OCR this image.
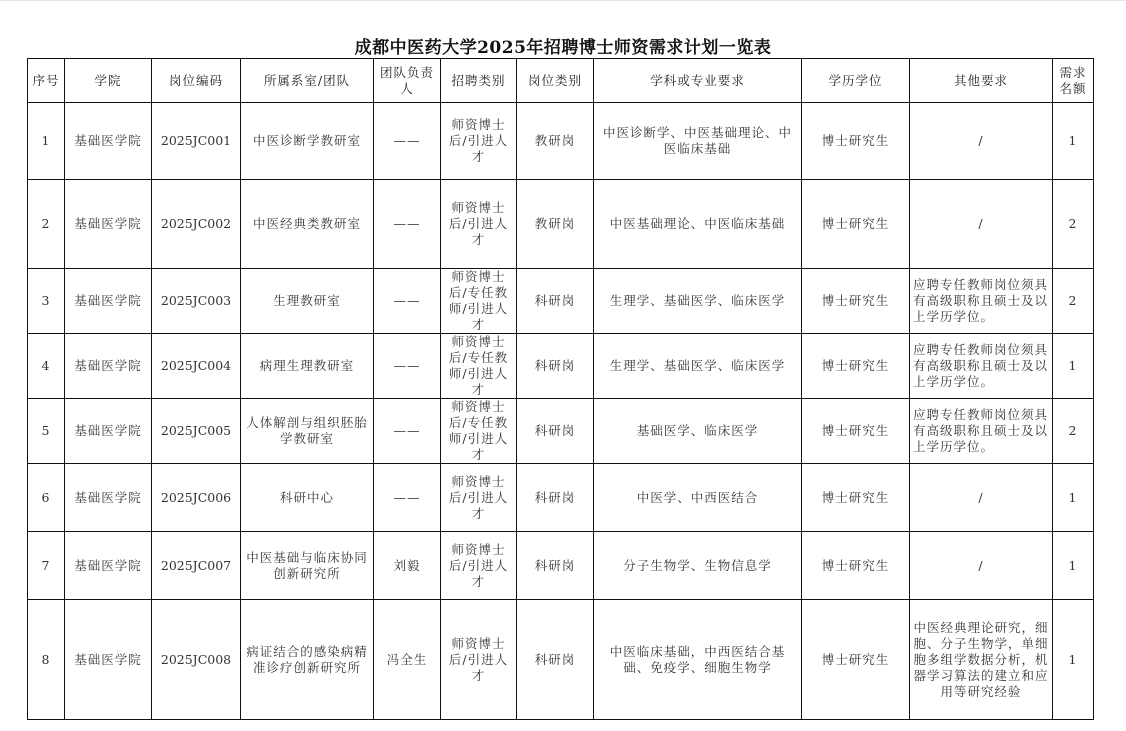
成都中医药大学2025年招聘博士师资需求计划一览表
序号	学院	岗位编码	所属系室/团队	团队负责人	招聘类别	岗位类别	学科或专业要求	学历学位	其他要求	需求名额
1	基础医学院	2025JC001	中医诊断学教研室	——	师资博士后/引进人才	教研岗	中医诊断学、中医基础理论、中医临床基础	博士研究生	/	1
2	基础医学院	2025JC002	中医经典类教研室	——	师资博士后/引进人才	教研岗	中医基础理论、中医临床基础	博士研究生	/	2
3	基础医学院	2025JC003	生理教研室	——	师资博士后/专任教师/引进人才	科研岗	生理学、基础医学、临床医学	博士研究生	应聘专任教师岗位须具有高级职称且硕士及以上学历学位。	2
4	基础医学院	2025JC004	病理生理教研室	——	师资博士后/专任教师/引进人才	科研岗	生理学、基础医学、临床医学	博士研究生	应聘专任教师岗位须具有高级职称且硕士及以上学历学位。	1
5	基础医学院	2025JC005	人体解剖与组织胚胎学教研室	——	师资博士后/专任教师/引进人才	科研岗	基础医学、临床医学	博士研究生	应聘专任教师岗位须具有高级职称且硕士及以上学历学位。	2
6	基础医学院	2025JC006	科研中心	——	师资博士后/引进人才	科研岗	中医学、中西医结合	博士研究生	/	1
7	基础医学院	2025JC007	中医基础与临床协同创新研究所	刘毅	师资博士后/引进人才	科研岗	分子生物学、生物信息学	博士研究生	/	1
8	基础医学院	2025JC008	病证结合的感染病精准诊疗创新研究所	冯全生	师资博士后/引进人才	科研岗	中医临床基础，中西医结合基础、免疫学、细胞生物学	博士研究生	中医经典理论研究，细胞、分子生物学，单细胞多组学数据分析，机器学习算法的建立和应用等研究经验	1
